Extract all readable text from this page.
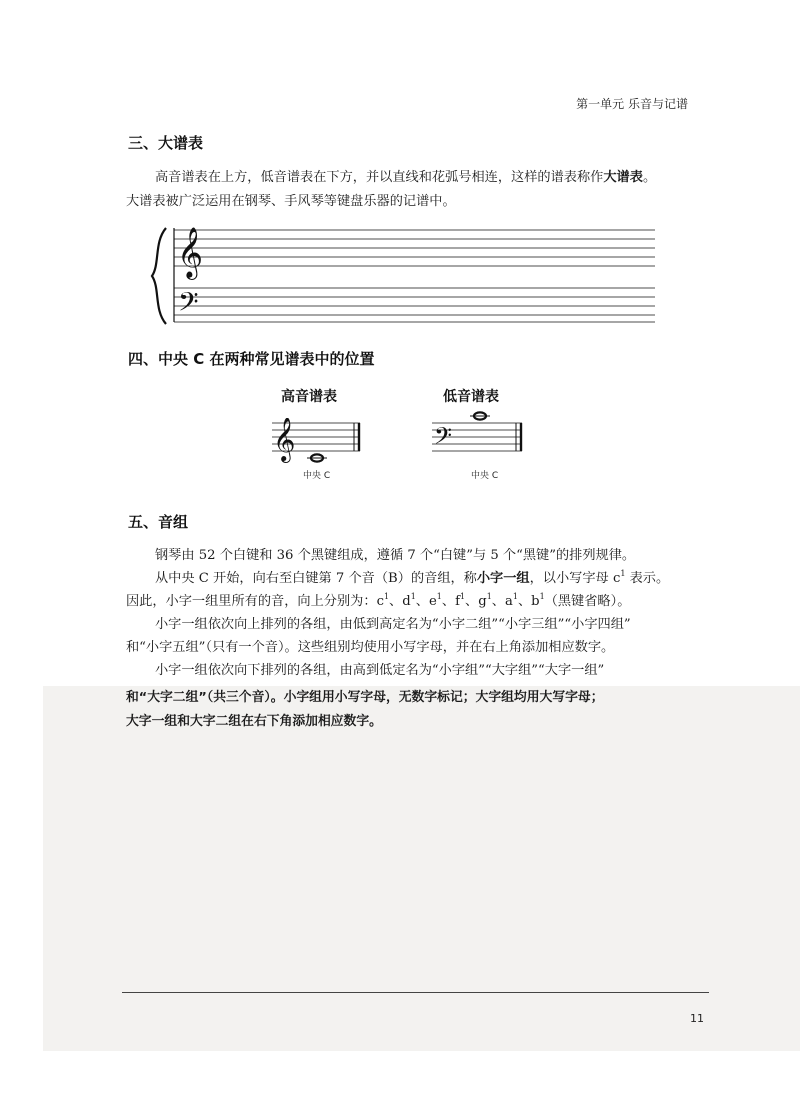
第一单元 乐音与记谱
三、大谱表
高音谱表在上方，低音谱表在下方，并以直线和花弧号相连，这样的谱表称作大谱表。
大谱表被广泛运用在钢琴、手风琴等键盘乐器的记谱中。
𝄞
𝄢
四、中央 C 在两种常见谱表中的位置
高音谱表	低音谱表
𝄞
中央 C
𝄢
中央 C
五、音组
钢琴由 52 个白键和 36 个黑键组成，遵循 7 个“白键”与 5 个“黑键”的排列规律。
从中央 C 开始，向右至白键第 7 个音（B）的音组，称小字一组，以小写字母 $c^1$ 表示。
因此，小字一组里所有的音，向上分别为：$c^1$、$d^1$、$e^1$、$f^1$、$g^1$、$a^1$、$b^1$（黑键省略）。
小字一组依次向上排列的各组，由低到高定名为“小字二组”“小字三组”“小字四组”
和“小字五组”（只有一个音）。这些组别均使用小写字母，并在右上角添加相应数字。
小字一组依次向下排列的各组，由高到低定名为“小字组”“大字组”“大字一组”
和“大字二组”（共三个音）。小字组用小写字母，无数字标记；大字组均用大写字母；
大字一组和大字二组在右下角添加相应数字。
11
